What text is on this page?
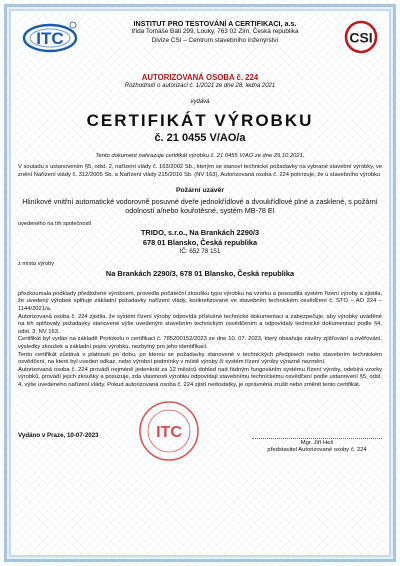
ITC
INSTITUT PRO TESTOVÁNÍ A CERTIFIKACI, a.s.
třída Tomáše Bati 299, Louky, 763 02 Zlín, Česká republika
Divize CSI – Centrum stavebního inženýrství	CSI
AUTORIZOVANÁ OSOBA č. 224
Rozhodnutí o autorizaci č. 1/2021 ze dne 28. ledna 2021
vydává
CERTIFIKÁT VÝROBKU
č. 21 0455 V/AO/a
Tento dokument nahrazuje certifikát výrobku č. 21 0455 V/AO ze dne 29.10.2021,
V souladu s ustanovením §5, odst. 2, nařízení vlády č. 163/2002 Sb., kterým se stanoví technické požadavky na vybrané stavební výrobky, ve znění Nařízení vlády č. 312/2005 Sb. a Nařízení vlády 215/2016 Sb. (NV 163), Autorizovaná osoba č. 224 potvrzuje, že u stavebního výrobku
Požární uzávěr
Hliníkové vnitřní automatické vodorovně posuvné dveře jednokřídlové a dvoukřídlové plné a zasklené, s požární odolností a/nebo kouřotěsné, systém MB-78 EI
uvedeného na trh společností
TRIDO, s.r.o., Na Brankách 2290/3
678 01 Blansko, Česká republika
IČ: 652 78 151
z místa výroby
Na Brankách 2290/3, 678 01 Blansko, Česká republika

přezkoumala podklady předložené výrobcem, provedla počáteční zkoušku typu výrobku na vzorku a posoudila systém řízení výroby a zjistila, že uvedený výrobek splňuje základní požadavky nařízení vlády, konkretizované ve stavebním technickém osvědčení č. STO – AO 224 – 1144/2021/a.

Autorizovaná osoba č. 224 zjistila, že systém řízení výroby odpovídá příslušné technické dokumentaci a zabezpečuje, aby výrobky uváděné na trh splňovaly požadavky stanovené výše uvedeným stavebním technickým osvědčením a odpovídaly technické dokumentaci podle §4, odst. 3, NV 163.

Certifikát byl vydán na základě Protokolu o certifikaci č. 785200152/2023 ze dne 10. 07. 2023, který obsahuje závěry zjišťování a ověřování, výsledky zkoušek a základní popis výrobku, nezbytný pro jeho identifikaci.

Tento certifikát zůstává v platnosti po dobu, po kterou se požadavky stanovené v technických předpisech nebo stavebním technickém osvědčení, na které byl uveden odkaz, nebo výrobní podmínky v místě výroby či systém řízení výroby výrazně nezmění.

Autorizovaná osoba č. 224 provádí nejméně jedenkrát za 12 měsíců dohled nad řádným fungováním systému řízení výroby, odebírá vzorky výrobků, provádí jejich zkoušky a posuzuje, zda vlastnosti výrobku odpovídají stavebnímu technickému osvědčení podle ustanovení §5, odst. 4, výše uvedeného nařízení vlády. Pokud autorizovaná osoba č. 224 zjistí nedostatky, je oprávněna zrušit nebo změnit tento certifikát.

Vydáno v Praze, 10-07-2023	ITC
Mgr. Jiří Heš
představitel Autorizované osoby č. 224
